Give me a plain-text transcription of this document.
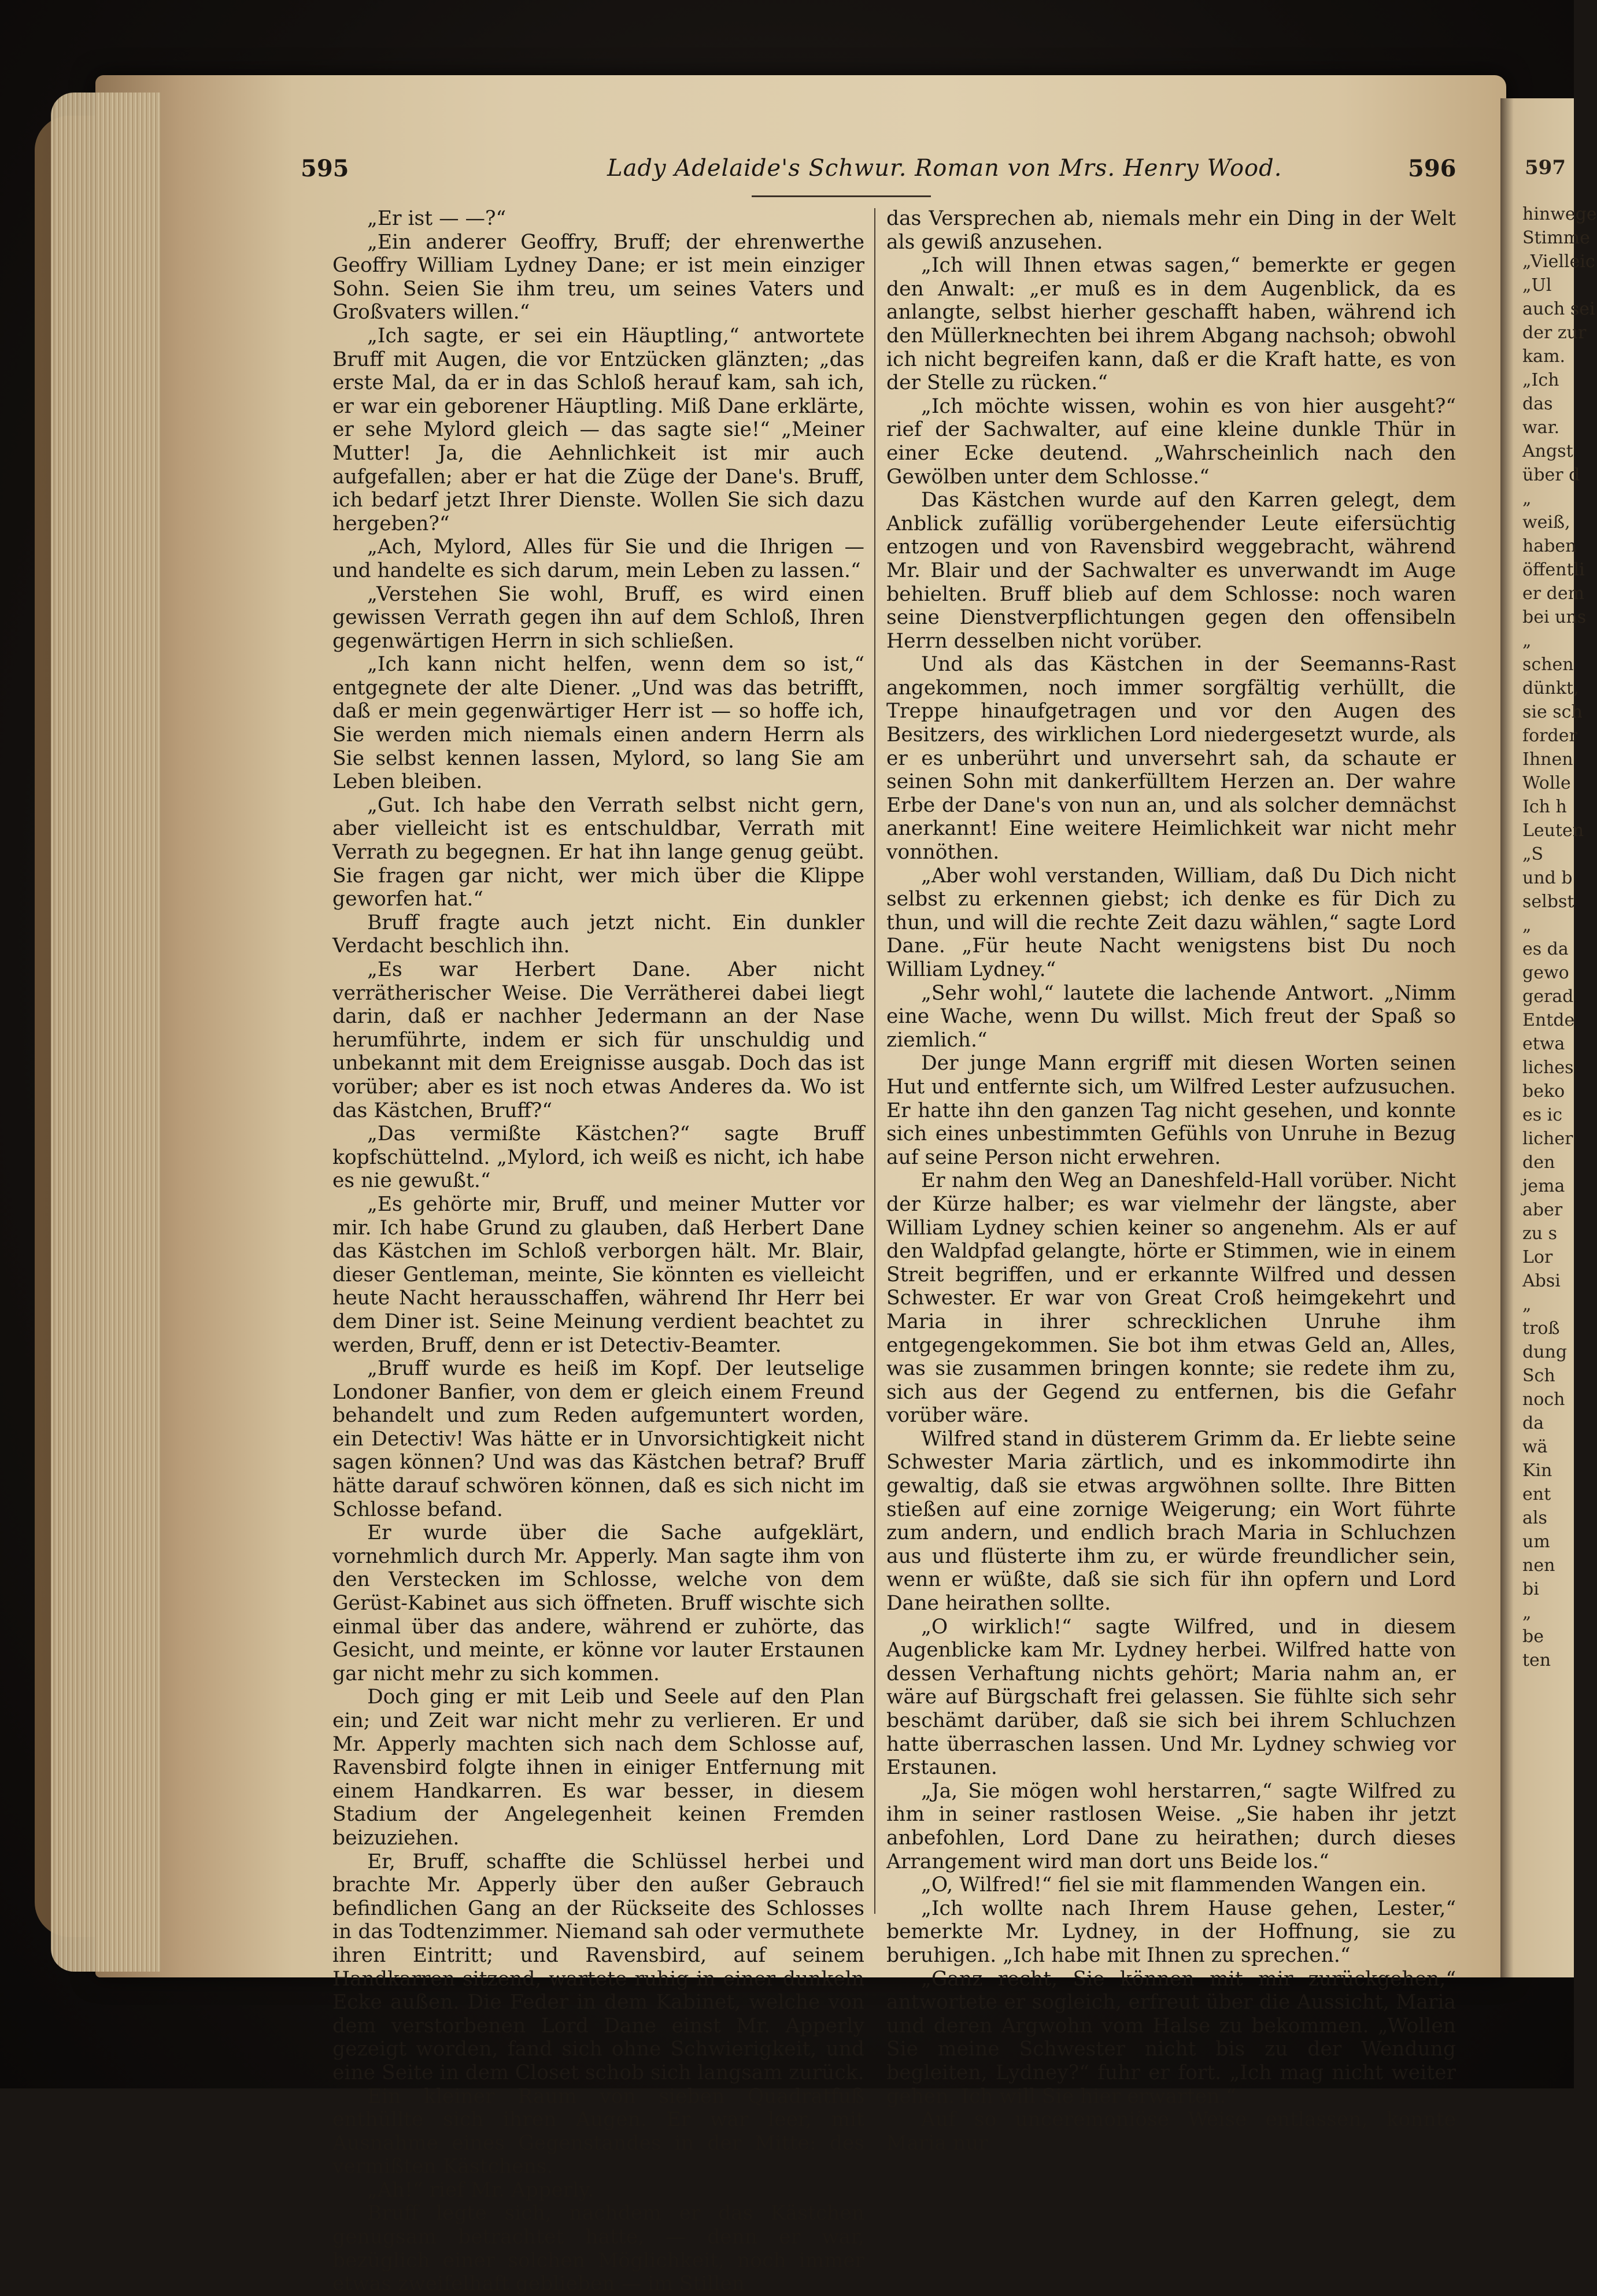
595	Lady Adelaide's Schwur. Roman von Mrs. Henry Wood.	596

„Er ist — —?“

„Ein anderer Geoffry, Bruff; der ehrenwerthe Geoffry William Lydney Dane; er ist mein einziger Sohn. Seien Sie ihm treu, um seines Vaters und Großvaters willen.“

„Ich sagte, er sei ein Häuptling,“ antwortete Bruff mit Augen, die vor Entzücken glänzten; „das erste Mal, da er in das Schloß herauf kam, sah ich, er war ein geborener Häuptling. Miß Dane erklärte, er sehe Mylord gleich — das sagte sie!“ „Meiner Mutter! Ja, die Aehnlichkeit ist mir auch aufgefallen; aber er hat die Züge der Dane's. Bruff, ich bedarf jetzt Ihrer Dienste. Wollen Sie sich dazu hergeben?“

„Ach, Mylord, Alles für Sie und die Ihrigen — und handelte es sich darum, mein Leben zu lassen.“

„Verstehen Sie wohl, Bruff, es wird einen gewissen Verrath gegen ihn auf dem Schloß, Ihren gegenwärtigen Herrn in sich schließen.

„Ich kann nicht helfen, wenn dem so ist,“ entgegnete der alte Diener. „Und was das betrifft, daß er mein gegenwärtiger Herr ist — so hoffe ich, Sie werden mich niemals einen andern Herrn als Sie selbst kennen lassen, Mylord, so lang Sie am Leben bleiben.

„Gut. Ich habe den Verrath selbst nicht gern, aber vielleicht ist es entschuldbar, Verrath mit Verrath zu begegnen. Er hat ihn lange genug geübt. Sie fragen gar nicht, wer mich über die Klippe geworfen hat.“

Bruff fragte auch jetzt nicht. Ein dunkler Verdacht beschlich ihn.

„Es war Herbert Dane. Aber nicht verrätherischer Weise. Die Verrätherei dabei liegt darin, daß er nachher Jedermann an der Nase herumführte, indem er sich für unschuldig und unbekannt mit dem Ereignisse ausgab. Doch das ist vorüber; aber es ist noch etwas Anderes da. Wo ist das Kästchen, Bruff?“

„Das vermißte Kästchen?“ sagte Bruff kopfschüttelnd. „Mylord, ich weiß es nicht, ich habe es nie gewußt.“

„Es gehörte mir, Bruff, und meiner Mutter vor mir. Ich habe Grund zu glauben, daß Herbert Dane das Kästchen im Schloß verborgen hält. Mr. Blair, dieser Gentleman, meinte, Sie könnten es vielleicht heute Nacht herausschaffen, während Ihr Herr bei dem Diner ist. Seine Meinung verdient beachtet zu werden, Bruff, denn er ist Detectiv-Beamter.

„Bruff wurde es heiß im Kopf. Der leutselige Londoner Banfier, von dem er gleich einem Freund behandelt und zum Reden aufgemuntert worden, ein Detectiv! Was hätte er in Unvorsichtigkeit nicht sagen können? Und was das Kästchen betraf? Bruff hätte darauf schwören können, daß es sich nicht im Schlosse befand.

Er wurde über die Sache aufgeklärt, vornehmlich durch Mr. Apperly. Man sagte ihm von den Verstecken im Schlosse, welche von dem Gerüst-Kabinet aus sich öffneten. Bruff wischte sich einmal über das andere, während er zuhörte, das Gesicht, und meinte, er könne vor lauter Erstaunen gar nicht mehr zu sich kommen.

Doch ging er mit Leib und Seele auf den Plan ein; und Zeit war nicht mehr zu verlieren. Er und Mr. Apperly machten sich nach dem Schlosse auf, Ravensbird folgte ihnen in einiger Entfernung mit einem Handkarren. Es war besser, in diesem Stadium der Angelegenheit keinen Fremden beizuziehen.

Er, Bruff, schaffte die Schlüssel herbei und brachte Mr. Apperly über den außer Gebrauch befindlichen Gang an der Rückseite des Schlosses in das Todtenzimmer. Niemand sah oder vermuthete ihren Eintritt; und Ravensbird, auf seinem Handkarren sitzend, wartete ruhig in einer dunkeln Ecke außen. Die Feder in dem Kabinet, welche von dem verstorbenen Lord Dane einst Mr. Apperly gezeigt worden, fand sich ohne Schwierigkeit, und eine Seite in dem Closet schob sich langsam zurück.

Ein kleiner Raum von sieben Quadratfuß enthüllte sich ihren Augen. Er war leer, mit Ausnahme eines Gegenstandes in der Mitte: des vermißten Kästchens.

„Ah!“ rief Mr. Apperly.

Bruff legte sich, nachdem er das Kästchen genugsam betrachtet hatte, — denn er war, bezüglich einer solchen Möglichkeit, noch immer etwas zweifelhaft geblieben — im Stillen

das Versprechen ab, niemals mehr ein Ding in der Welt als gewiß anzusehen.

„Ich will Ihnen etwas sagen,“ bemerkte er gegen den Anwalt: „er muß es in dem Augenblick, da es anlangte, selbst hierher geschafft haben, während ich den Müllerknechten bei ihrem Abgang nachsoh; obwohl ich nicht begreifen kann, daß er die Kraft hatte, es von der Stelle zu rücken.“

„Ich möchte wissen, wohin es von hier ausgeht?“ rief der Sachwalter, auf eine kleine dunkle Thür in einer Ecke deutend. „Wahrscheinlich nach den Gewölben unter dem Schlosse.“

Das Kästchen wurde auf den Karren gelegt, dem Anblick zufällig vorübergehender Leute eifersüchtig entzogen und von Ravensbird weggebracht, während Mr. Blair und der Sachwalter es unverwandt im Auge behielten. Bruff blieb auf dem Schlosse: noch waren seine Dienstverpflichtungen gegen den offensibeln Herrn desselben nicht vorüber.

Und als das Kästchen in der Seemanns-Rast angekommen, noch immer sorgfältig verhüllt, die Treppe hinaufgetragen und vor den Augen des Besitzers, des wirklichen Lord niedergesetzt wurde, als er es unberührt und unversehrt sah, da schaute er seinen Sohn mit dankerfülltem Herzen an. Der wahre Erbe der Dane's von nun an, und als solcher demnächst anerkannt! Eine weitere Heimlichkeit war nicht mehr vonnöthen.

„Aber wohl verstanden, William, daß Du Dich nicht selbst zu erkennen giebst; ich denke es für Dich zu thun, und will die rechte Zeit dazu wählen,“ sagte Lord Dane. „Für heute Nacht wenigstens bist Du noch William Lydney.“

„Sehr wohl,“ lautete die lachende Antwort. „Nimm eine Wache, wenn Du willst. Mich freut der Spaß so ziemlich.“

Der junge Mann ergriff mit diesen Worten seinen Hut und entfernte sich, um Wilfred Lester aufzusuchen. Er hatte ihn den ganzen Tag nicht gesehen, und konnte sich eines unbestimmten Gefühls von Unruhe in Bezug auf seine Person nicht erwehren.

Er nahm den Weg an Daneshfeld-Hall vorüber. Nicht der Kürze halber; es war vielmehr der längste, aber William Lydney schien keiner so angenehm. Als er auf den Waldpfad gelangte, hörte er Stimmen, wie in einem Streit begriffen, und er erkannte Wilfred und dessen Schwester. Er war von Great Croß heimgekehrt und Maria in ihrer schrecklichen Unruhe ihm entgegengekommen. Sie bot ihm etwas Geld an, Alles, was sie zusammen bringen konnte; sie redete ihm zu, sich aus der Gegend zu entfernen, bis die Gefahr vorüber wäre.

Wilfred stand in düsterem Grimm da. Er liebte seine Schwester Maria zärtlich, und es inkommodirte ihn gewaltig, daß sie etwas argwöhnen sollte. Ihre Bitten stießen auf eine zornige Weigerung; ein Wort führte zum andern, und endlich brach Maria in Schluchzen aus und flüsterte ihm zu, er würde freundlicher sein, wenn er wüßte, daß sie sich für ihn opfern und Lord Dane heirathen sollte.

„O wirklich!“ sagte Wilfred, und in diesem Augenblicke kam Mr. Lydney herbei. Wilfred hatte von dessen Verhaftung nichts gehört; Maria nahm an, er wäre auf Bürgschaft frei gelassen. Sie fühlte sich sehr beschämt darüber, daß sie sich bei ihrem Schluchzen hatte überraschen lassen. Und Mr. Lydney schwieg vor Erstaunen.

„Ja, Sie mögen wohl herstarren,“ sagte Wilfred zu ihm in seiner rastlosen Weise. „Sie haben ihr jetzt anbefohlen, Lord Dane zu heirathen; durch dieses Arrangement wird man dort uns Beide los.“

„O, Wilfred!“ fiel sie mit flammenden Wangen ein.

„Ich wollte nach Ihrem Hause gehen, Lester,“ bemerkte Mr. Lydney, in der Hoffnung, sie zu beruhigen. „Ich habe mit Ihnen zu sprechen.“

„Ganz recht, Sie können mit mir zurückgehen,“ antwortete er sogleich, erfreut über die Aussicht, Maria und deren Argwohn vom Halse zu bekommen. „Wollen Sie meine Schwester nicht bis zu der Wendung begleiten, Lydney?“ fuhr er fort. „Ich mag nicht weiter gehen. Ich will Sie hier erwarten.“

Auf so unceremoniöse Weise entlassen, konnte Maria nur

597
hinwege
Stimme
„Vielleic
„Ul
auch sei
der zur
kam.
„Ich
das
war.
Angst
über d
„
weiß,
haben
öffentli
er dem
bei uns
„
schen
dünkt,
sie sch
forder
Ihnen
Wolle
Ich h
Leuten
„S
und b
selbst
„
es da
gewo
gerad
Entde
etwa
liches
beko
es ic
licher
den
jema
aber
zu s
Lor
Absi
„
troß
dung
Sch
noch
da
wä
Kin
ent
als
um
nen
bi
„
be
ten
